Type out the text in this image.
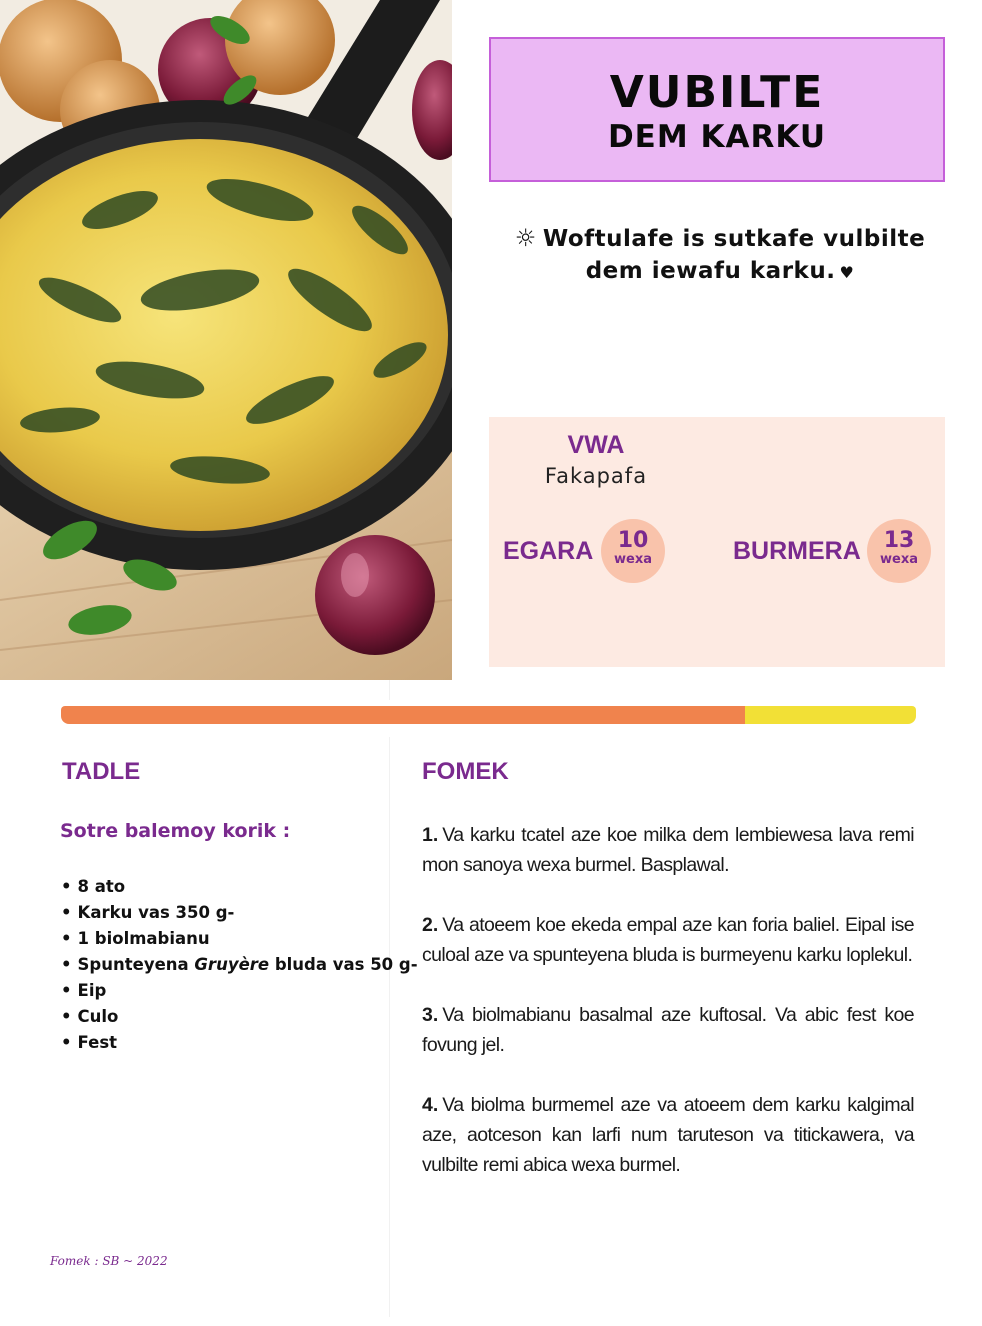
VUBILTE
DEM KARKU
☼ Woftulafe is sutkafe vulbilte dem iewafu karku. ♥
VWA
Fakapafa
EGARA	10
wexa	BURMERA	13
wexa
TADLE
Sotre balemoy korik :
• 8 ato
• Karku vas 350 g-
• 1 biolmabianu
• Spunteyena Gruyère bluda vas 50 g-
• Eip
• Culo
• Fest
FOMEK

1. Va karku tcatel aze koe milka dem lembiewesa lava remi mon sanoya wexa burmel. Basplawal.

2. Va atoeem koe ekeda empal aze kan foria baliel. Eipal ise culoal aze va spunteyena bluda is burmeyenu karku loplekul.

3. Va biolmabianu basalmal aze kuftosal. Va abic fest koe fovung jel.

4. Va biolma burmemel aze va atoeem dem karku kalgimal aze, aotceson kan larfi num taruteson va titickawera, va vulbilte remi abica wexa burmel.

Fomek : SB ~ 2022
